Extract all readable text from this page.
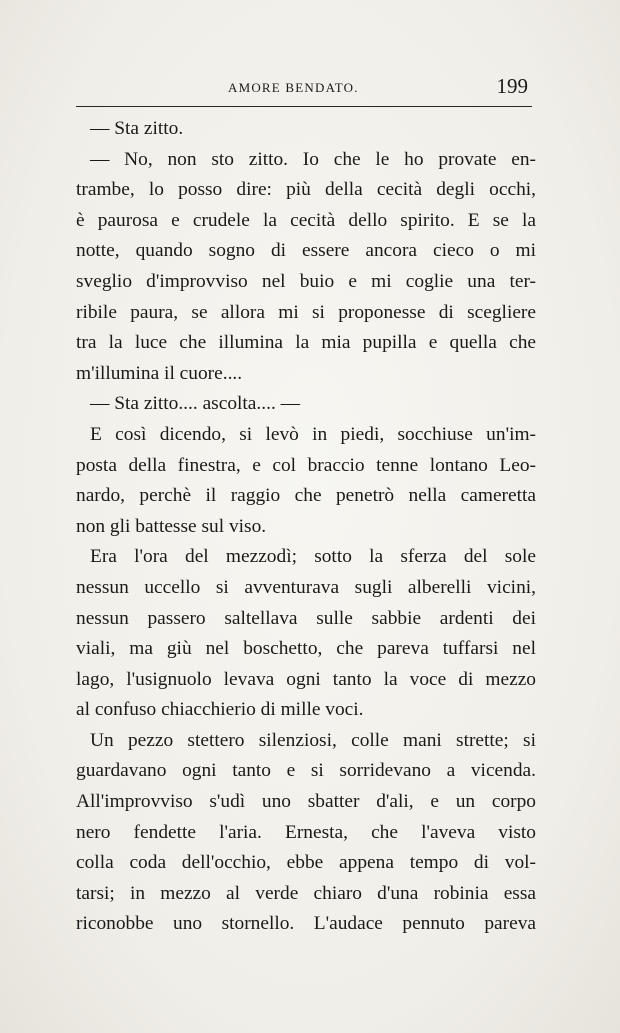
AMORE BENDATO.	199
— Sta zitto.
— No, non sto zitto. Io che le ho provate en-
trambe, lo posso dire: più della cecità degli occhi,
è paurosa e crudele la cecità dello spirito. E se la
notte, quando sogno di essere ancora cieco o mi
sveglio d'improvviso nel buio e mi coglie una ter-
ribile paura, se allora mi si proponesse di scegliere
tra la luce che illumina la mia pupilla e quella che
m'illumina il cuore....
— Sta zitto.... ascolta.... —
E così dicendo, si levò in piedi, socchiuse un'im-
posta della finestra, e col braccio tenne lontano Leo-
nardo, perchè il raggio che penetrò nella cameretta
non gli battesse sul viso.
Era l'ora del mezzodì; sotto la sferza del sole
nessun uccello si avventurava sugli alberelli vicini,
nessun passero saltellava sulle sabbie ardenti dei
viali, ma giù nel boschetto, che pareva tuffarsi nel
lago, l'usignuolo levava ogni tanto la voce di mezzo
al confuso chiacchierio di mille voci.
Un pezzo stettero silenziosi, colle mani strette; si
guardavano ogni tanto e si sorridevano a vicenda.
All'improvviso s'udì uno sbatter d'ali, e un corpo
nero fendette l'aria. Ernesta, che l'aveva visto
colla coda dell'occhio, ebbe appena tempo di vol-
tarsi; in mezzo al verde chiaro d'una robinia essa
riconobbe uno stornello. L'audace pennuto pareva
